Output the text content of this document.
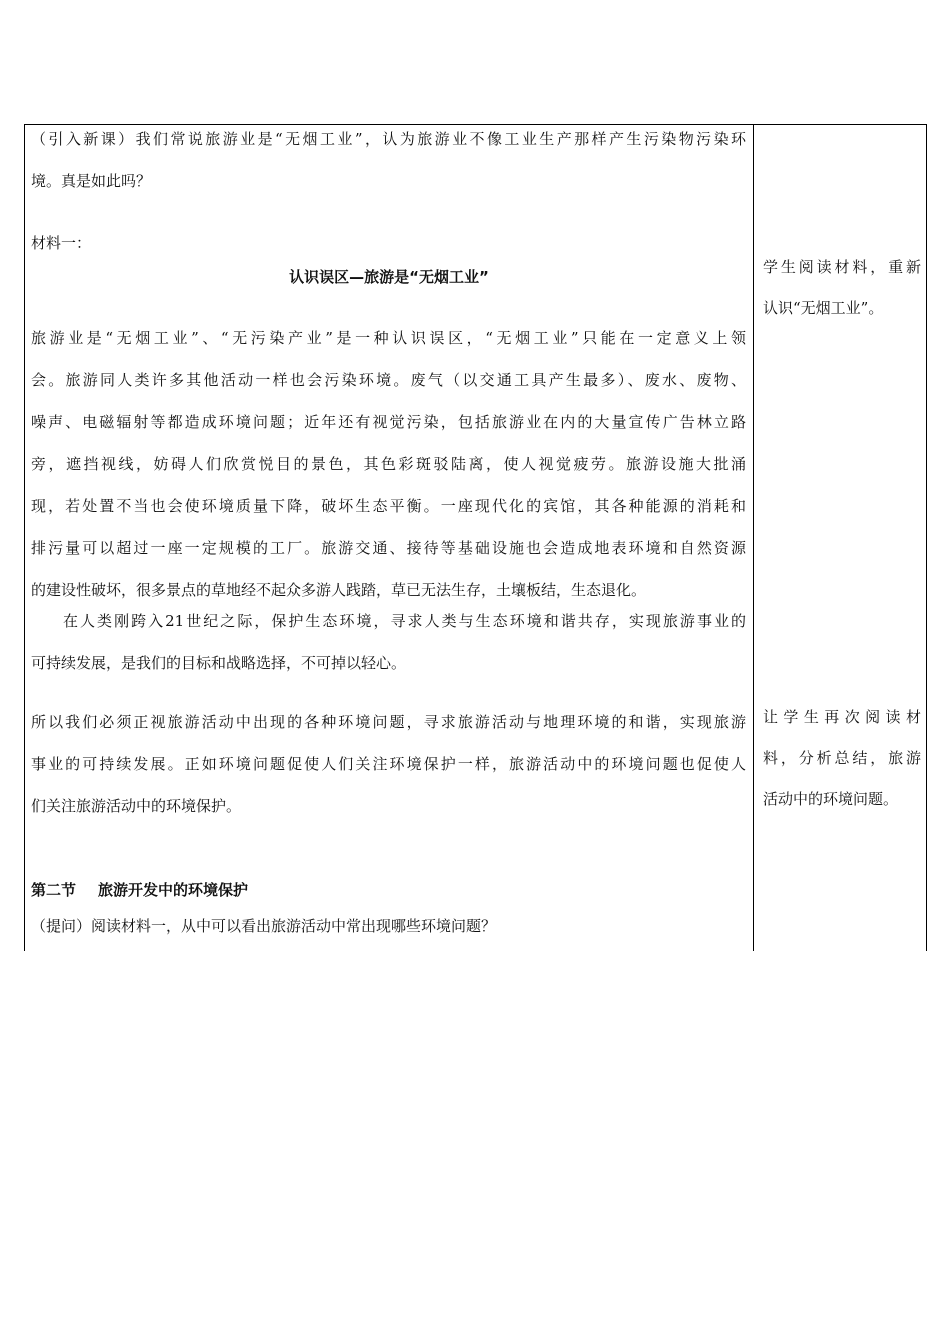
（引入新课）我们常说旅游业是“无烟工业”，认为旅游业不像工业生产那样产生污染物污染环
境。真是如此吗？
材料一：
认识误区—旅游是“无烟工业”
旅游业是“无烟工业”、“无污染产业”是一种认识误区，“无烟工业”只能在一定意义上领
会。旅游同人类许多其他活动一样也会污染环境。废气（以交通工具产生最多）、废水、废物、
噪声、电磁辐射等都造成环境问题；近年还有视觉污染，包括旅游业在内的大量宣传广告林立路
旁，遮挡视线，妨碍人们欣赏悦目的景色，其色彩斑驳陆离，使人视觉疲劳。旅游设施大批涌
现，若处置不当也会使环境质量下降，破坏生态平衡。一座现代化的宾馆，其各种能源的消耗和
排污量可以超过一座一定规模的工厂。旅游交通、接待等基础设施也会造成地表环境和自然资源
的建设性破坏，很多景点的草地经不起众多游人践踏，草已无法生存，土壤板结，生态退化。
在人类刚跨入21世纪之际，保护生态环境，寻求人类与生态环境和谐共存，实现旅游事业的
可持续发展，是我们的目标和战略选择，不可掉以轻心。
所以我们必须正视旅游活动中出现的各种环境问题，寻求旅游活动与地理环境的和谐，实现旅游
事业的可持续发展。正如环境问题促使人们关注环境保护一样，旅游活动中的环境问题也促使人
们关注旅游活动中的环境保护。
第二节 旅游开发中的环境保护
（提问）阅读材料一，从中可以看出旅游活动中常出现哪些环境问题？
学生阅读材料，重新
认识“无烟工业”。
让学生再次阅读材
料，分析总结，旅游
活动中的环境问题。
